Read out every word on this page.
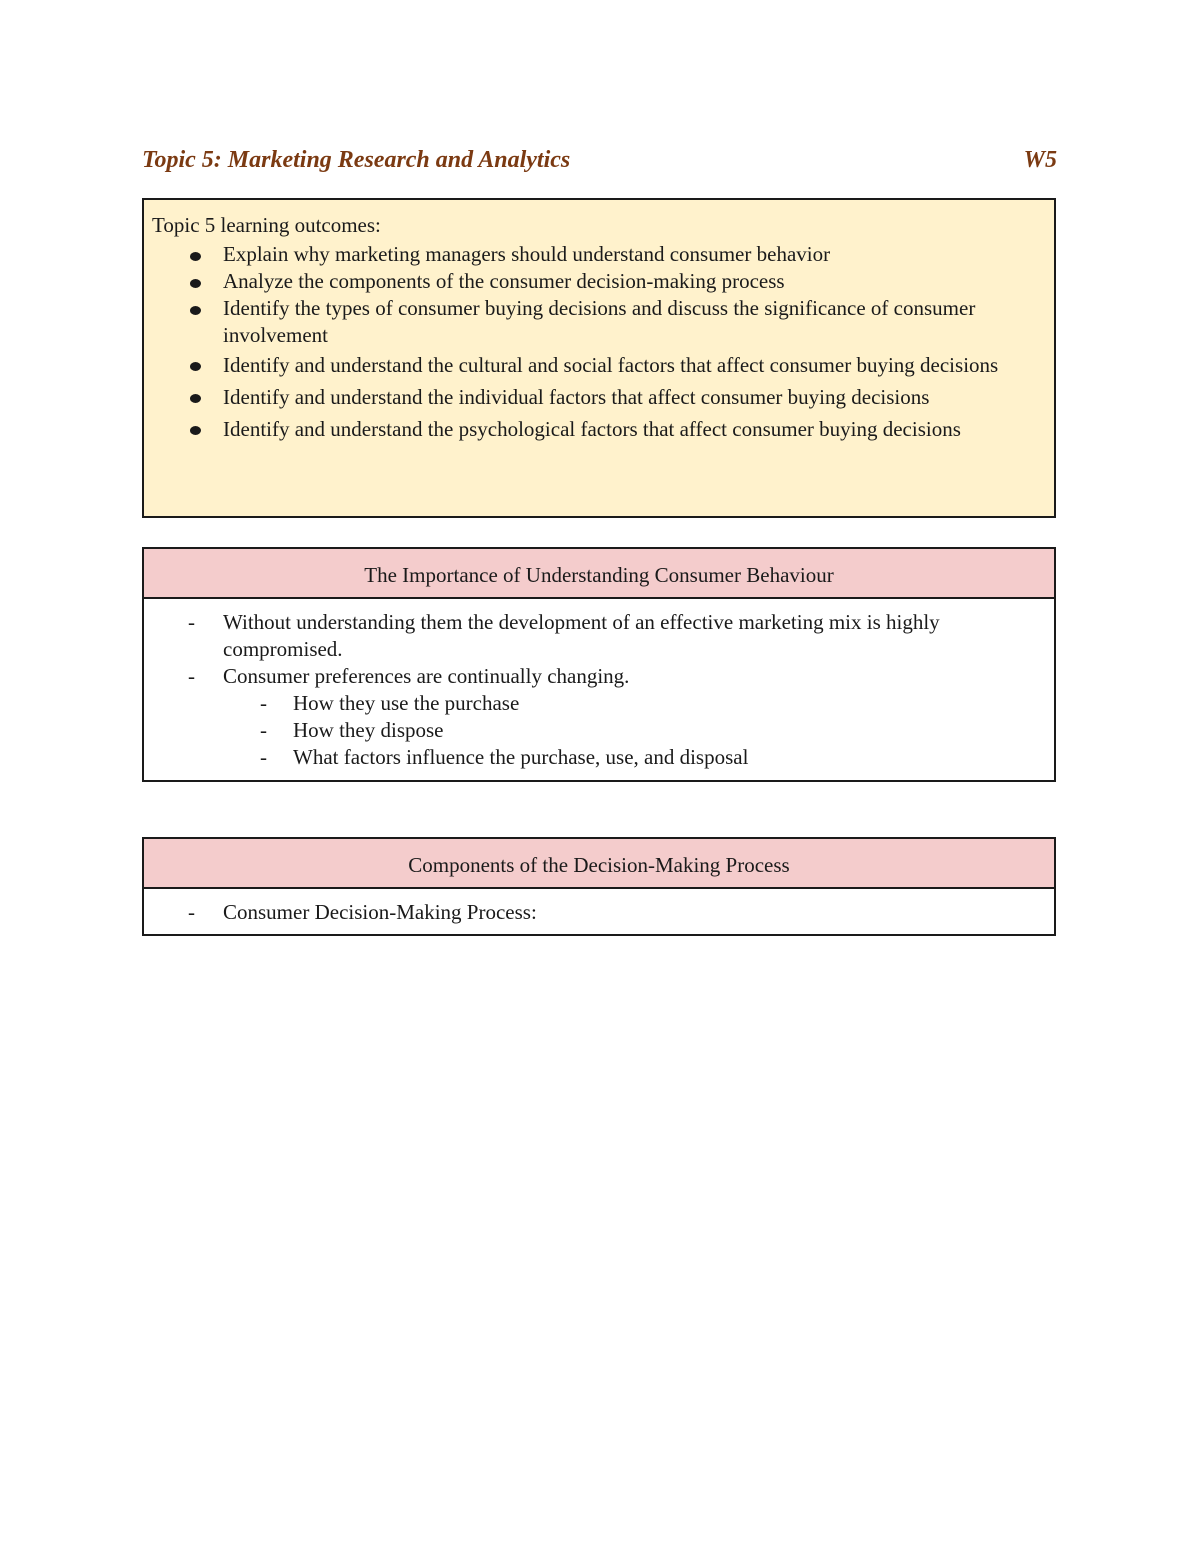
Topic 5: Marketing Research and Analytics	W5

Topic 5 learning outcomes:

Explain why marketing managers should understand consumer behavior
Analyze the components of the consumer decision-making process
Identify the types of consumer buying decisions and discuss the significance of consumer involvement
Identify and understand the cultural and social factors that affect consumer buying decisions
Identify and understand the individual factors that affect consumer buying decisions
Identify and understand the psychological factors that affect consumer buying decisions
The Importance of Understanding Consumer Behaviour
- Without understanding them the development of an effective marketing mix is highly compromised.
- Consumer preferences are continually changing.
- How they use the purchase
- How they dispose
- What factors influence the purchase, use, and disposal
Components of the Decision-Making Process
- Consumer Decision-Making Process:
